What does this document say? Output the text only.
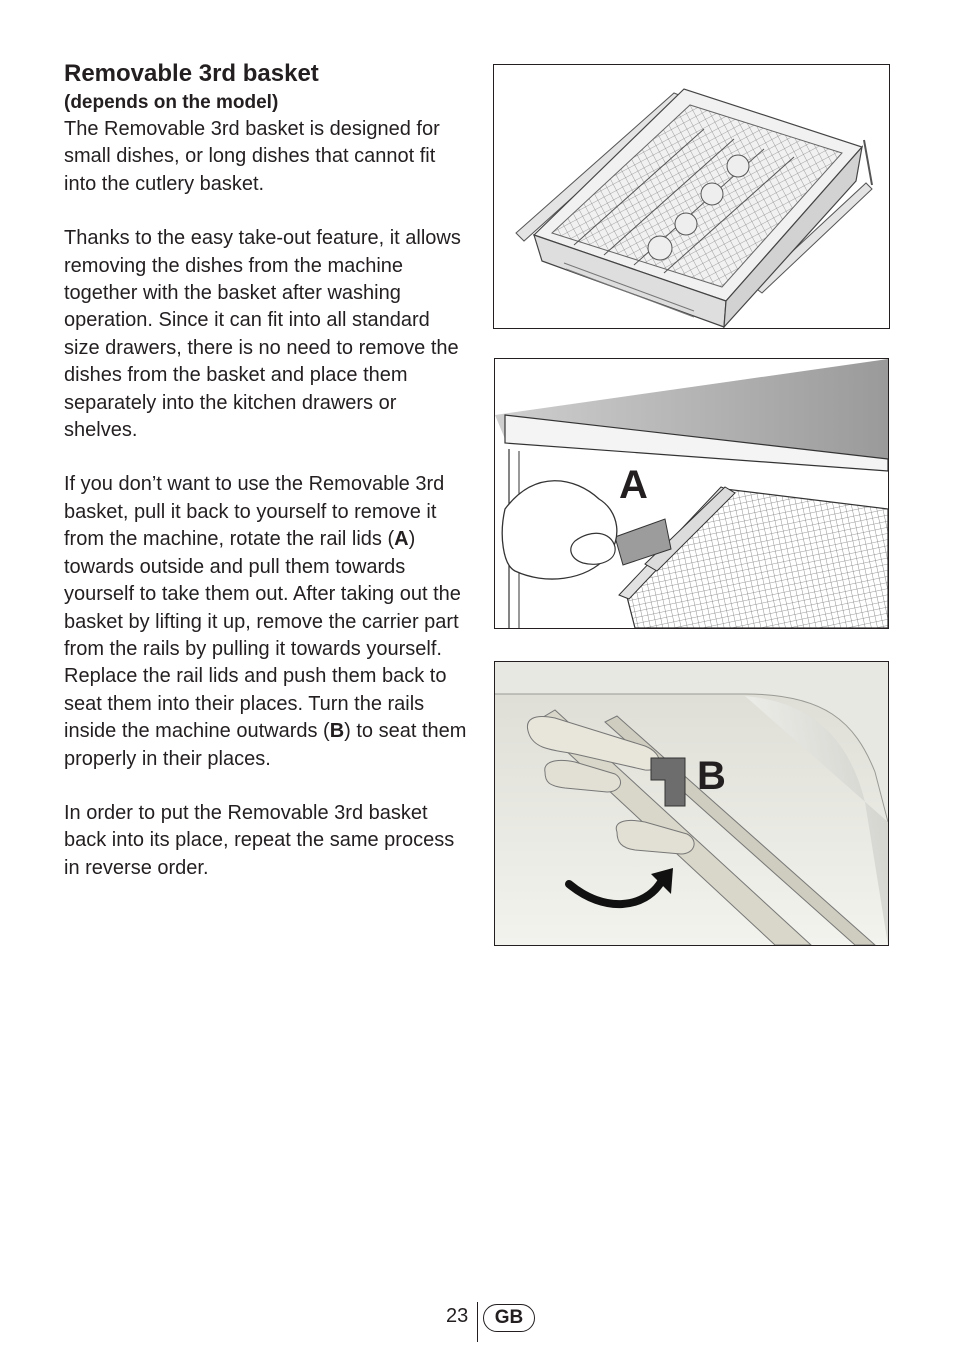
Removable 3rd basket

(depends on the model)

The Removable 3rd basket is designed for small dishes, or long dishes that cannot fit into the cutlery basket.

Thanks to the easy take-out feature, it allows removing the dishes from the machine together with the basket after washing operation. Since it can fit into all standard size drawers, there is no need to remove the dishes from the basket and place them separately into the kitchen drawers or shelves.

If you don’t want to use the Removable 3rd basket, pull it back to yourself to remove it from the machine, rotate the rail lids (A) towards outside and pull them towards yourself to take them out. After taking out the basket by lifting it up, remove the carrier part from the rails by pulling it towards yourself. Replace the rail lids and push them back to seat them into their places. Turn the rails inside the machine outwards (B) to seat them properly in their places.

In order to put the Removable 3rd basket back into its place, repeat the same process in reverse order.

A
B
23	GB
